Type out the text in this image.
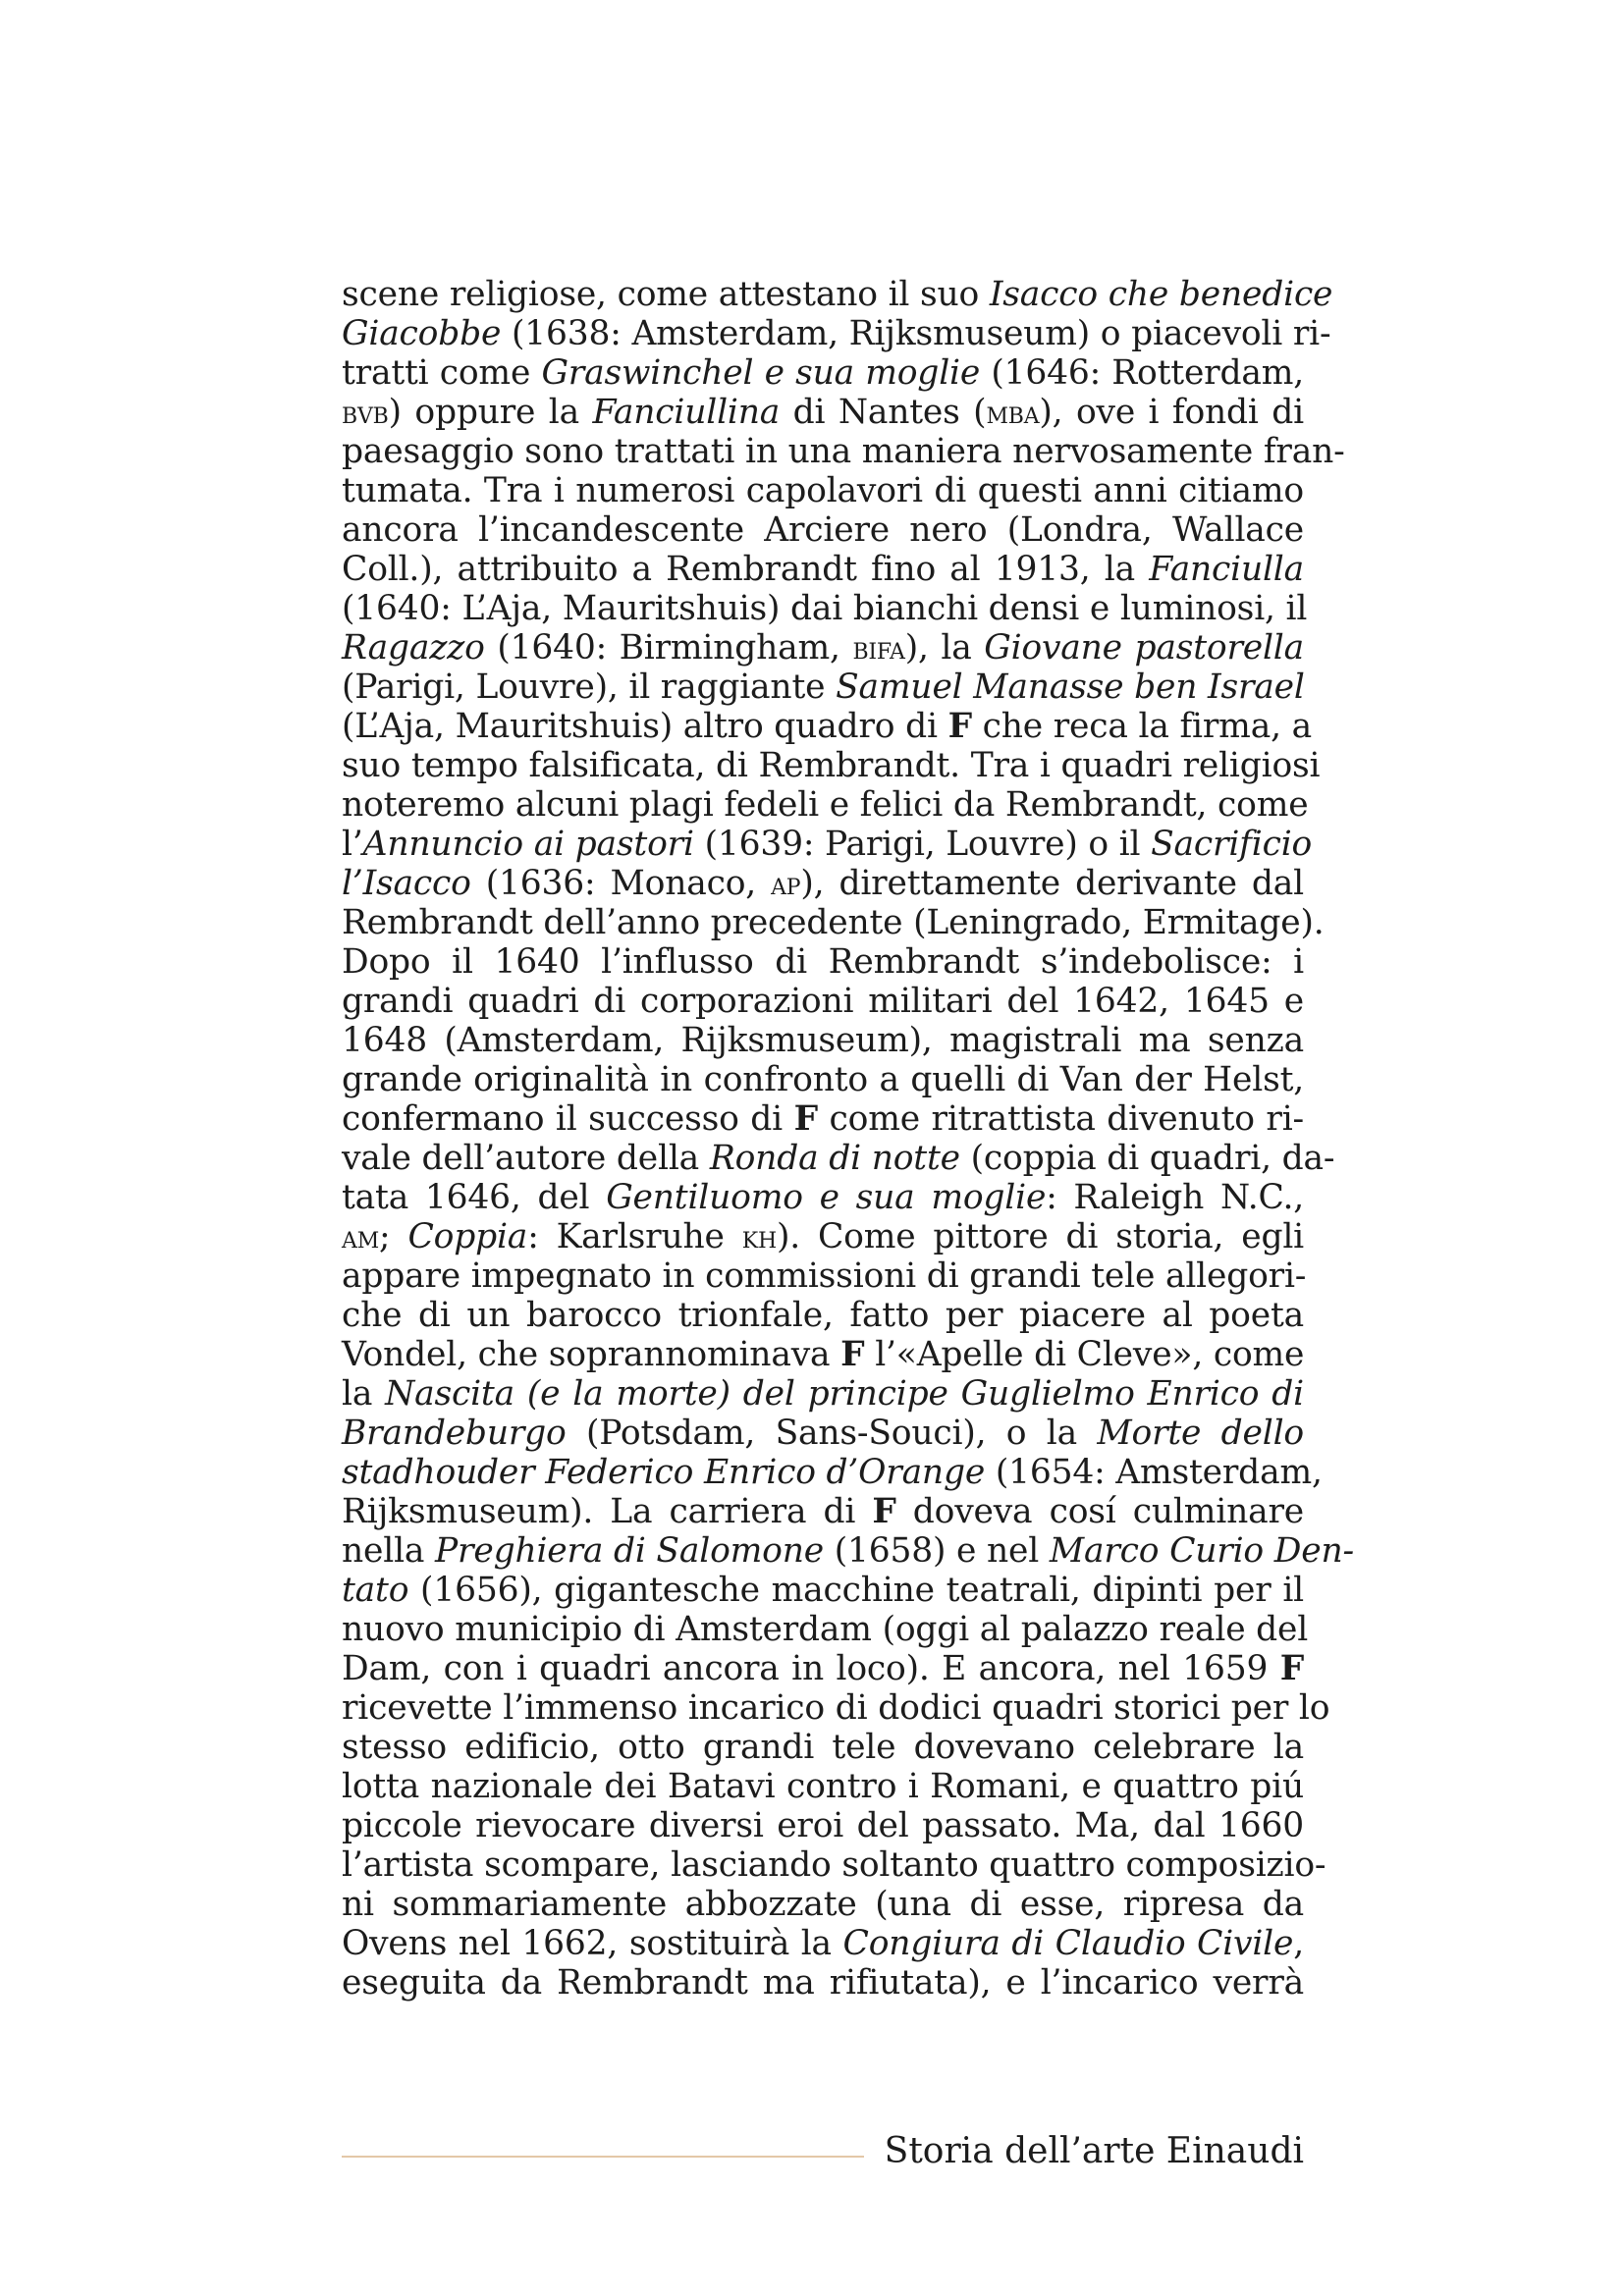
scene religiose, come attestano il suo Isacco che benedice
Giacobbe (1638: Amsterdam, Rijksmuseum) o piacevoli ri-
tratti come Graswinchel e sua moglie (1646: Rotterdam,
bvb) oppure la Fanciullina di Nantes (mba), ove i fondi di
paesaggio sono trattati in una maniera nervosamente fran-
tumata. Tra i numerosi capolavori di questi anni citiamo
ancora l’incandescente Arciere nero (Londra, Wallace
Coll.), attribuito a Rembrandt fino al 1913, la Fanciulla
(1640: L’Aja, Mauritshuis) dai bianchi densi e luminosi, il
Ragazzo (1640: Birmingham, bifa), la Giovane pastorella
(Parigi, Louvre), il raggiante Samuel Manasse ben Israel
(L’Aja, Mauritshuis) altro quadro di F che reca la firma, a
suo tempo falsificata, di Rembrandt. Tra i quadri religiosi
noteremo alcuni plagi fedeli e felici da Rembrandt, come
l’Annuncio ai pastori (1639: Parigi, Louvre) o il Sacrificio
l’Isacco (1636: Monaco, ap), direttamente derivante dal
Rembrandt dell’anno precedente (Leningrado, Ermitage).
Dopo il 1640 l’influsso di Rembrandt s’indebolisce: i
grandi quadri di corporazioni militari del 1642, 1645 e
1648 (Amsterdam, Rijksmuseum), magistrali ma senza
grande originalità in confronto a quelli di Van der Helst,
confermano il successo di F come ritrattista divenuto ri-
vale dell’autore della Ronda di notte (coppia di quadri, da-
tata 1646, del Gentiluomo e sua moglie: Raleigh N.C.,
am; Coppia: Karlsruhe kh). Come pittore di storia, egli
appare impegnato in commissioni di grandi tele allegori-
che di un barocco trionfale, fatto per piacere al poeta
Vondel, che soprannominava F l’«Apelle di Cleve», come
la Nascita (e la morte) del principe Guglielmo Enrico di
Brandeburgo (Potsdam, Sans-Souci), o la Morte dello
stadhouder Federico Enrico d’Orange (1654: Amsterdam,
Rijksmuseum). La carriera di F doveva cosí culminare
nella Preghiera di Salomone (1658) e nel Marco Curio Den-
tato (1656), gigantesche macchine teatrali, dipinti per il
nuovo municipio di Amsterdam (oggi al palazzo reale del
Dam, con i quadri ancora in loco). E ancora, nel 1659 F
ricevette l’immenso incarico di dodici quadri storici per lo
stesso edificio, otto grandi tele dovevano celebrare la
lotta nazionale dei Batavi contro i Romani, e quattro piú
piccole rievocare diversi eroi del passato. Ma, dal 1660
l’artista scompare, lasciando soltanto quattro composizio-
ni sommariamente abbozzate (una di esse, ripresa da
Ovens nel 1662, sostituirà la Congiura di Claudio Civile,
eseguita da Rembrandt ma rifiutata), e l’incarico verrà
Storia dell’arte Einaudi
